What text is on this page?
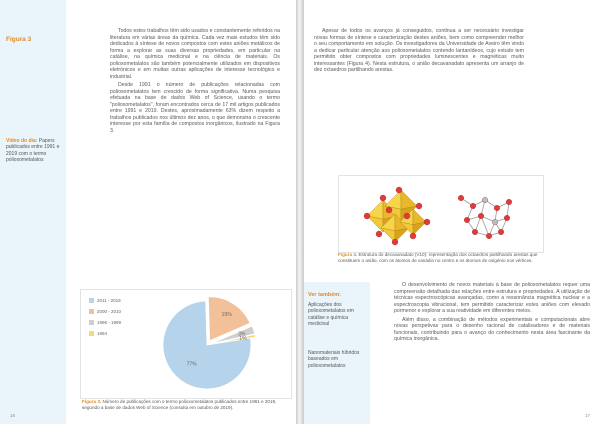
Figura 3
Vídeo do dia: Papers publicados entre 1991 e 2019 com o termo polioxometalatos

Todos estes trabalhos têm sido usados e constantemente referidos na literatura em várias áreas da química. Cada vez mais estudos têm sido dedicados à síntese de novos compostos com estes aniões metálicos de forma a explorar as suas diversas propriedades, em particular na catálise, na química medicinal e na ciência de materiais. Os polioxometalatos são também potencialmente utilizados em dispositivos eletrónicos e em muitas outras aplicações de interesse tecnológico e industrial.

Desde 1991 o número de publicações relacionadas com polioxometalatos tem crescido de forma significativa. Numa pesquisa efetuada na base de dados Web of Science, usando o termo "polioxometalatos", foram encontrados cerca de 17 mil artigos publicados entre 1991 e 2019. Destes, aproximadamente 63% dizem respeito a trabalhos publicados nos últimos dez anos, o que demonstra o crescente interesse por esta família de compostos inorgânicos, ilustrado na Figura 3.

2011 - 2019
2000 - 2010
1995 - 1999
1994
77%
19%
3%
1%
Figura 3. Número de publicações com o termo polioxometalatos publicados entre 1991 e 2019, segundo a base de dados Web of Science (consulta em outubro de 2019).
16

Apesar de todos os avanços já conseguidos, continua a ser necessário investigar novas formas de síntese e caracterização destes aniões, bem como compreender melhor o seu comportamento em solução. Os investigadores da Universidade de Aveiro têm vindo a dedicar particular atenção aos polioxometalatos contendo lantanídeos, cujo estudo tem permitido obter compostos com propriedades luminescentes e magnéticas muito interessantes (Figura 4). Nesta estrutura, o anião decavanadato apresenta um arranjo de dez octaedros partilhando arestas.

Figura 4. Estrutura do decavanadato (V10): representação dos octaedros partilhando arestas que constituem o anião, com os átomos de vanádio no centro e os átomos de oxigénio nos vértices.
Ver também:
Aplicações dos polioxometalatos em catálise e química medicinal
Nanomateriais híbridos baseados em polioxometalatos

O desenvolvimento de novos materiais à base de polioxometalatos requer uma compreensão detalhada das relações entre estrutura e propriedades. A utilização de técnicas espectroscópicas avançadas, como a ressonância magnética nuclear e a espectroscopia vibracional, tem permitido caracterizar estes aniões com elevado pormenor e explorar a sua reatividade em diferentes meios.

Além disso, a combinação de métodos experimentais e computacionais abre novas perspetivas para o desenho racional de catalisadores e de materiais funcionais, contribuindo para o avanço do conhecimento nesta área fascinante da química inorgânica.

17
